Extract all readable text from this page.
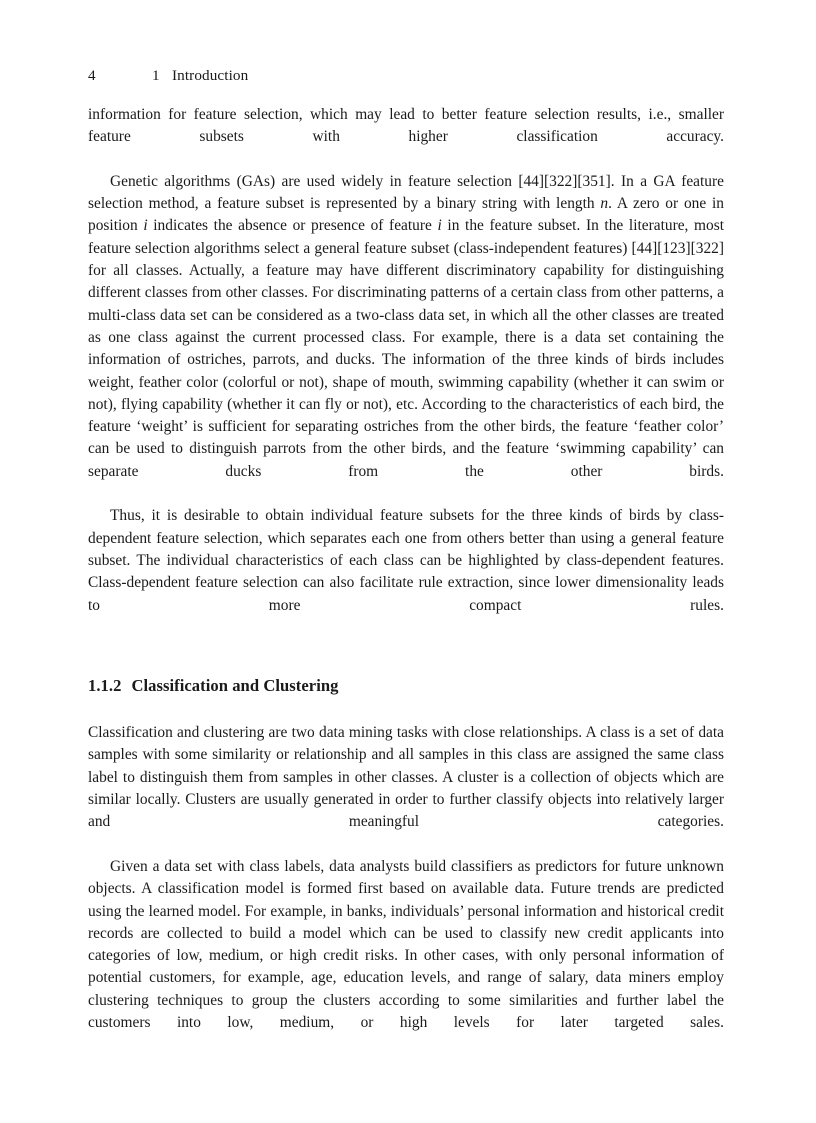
4	1 Introduction

information for feature selection, which may lead to better feature selection results, i.e., smaller feature subsets with higher classification accuracy.

Genetic algorithms (GAs) are used widely in feature selection [44][322][351]. In a GA feature selection method, a feature subset is represented by a binary string with length n. A zero or one in position i indicates the absence or presence of feature i in the feature subset. In the literature, most feature selection algorithms select a general feature subset (class-independent features) [44][123][322] for all classes. Actually, a feature may have different discriminatory capability for distinguishing different classes from other classes. For discriminating patterns of a certain class from other patterns, a multi-class data set can be considered as a two-class data set, in which all the other classes are treated as one class against the current processed class. For example, there is a data set containing the information of ostriches, parrots, and ducks. The information of the three kinds of birds includes weight, feather color (colorful or not), shape of mouth, swimming capability (whether it can swim or not), flying capability (whether it can fly or not), etc. According to the characteristics of each bird, the feature ‘weight’ is sufficient for separating ostriches from the other birds, the feature ‘feather color’ can be used to distinguish parrots from the other birds, and the feature ‘swimming capability’ can separate ducks from the other birds.

Thus, it is desirable to obtain individual feature subsets for the three kinds of birds by class-dependent feature selection, which separates each one from others better than using a general feature subset. The individual characteristics of each class can be highlighted by class-dependent features. Class-dependent feature selection can also facilitate rule extraction, since lower dimensionality leads to more compact rules.

1.1.2 Classification and Clustering

Classification and clustering are two data mining tasks with close relationships. A class is a set of data samples with some similarity or relationship and all samples in this class are assigned the same class label to distinguish them from samples in other classes. A cluster is a collection of objects which are similar locally. Clusters are usually generated in order to further classify objects into relatively larger and meaningful categories.

Given a data set with class labels, data analysts build classifiers as predictors for future unknown objects. A classification model is formed first based on available data. Future trends are predicted using the learned model. For example, in banks, individuals’ personal information and historical credit records are collected to build a model which can be used to classify new credit applicants into categories of low, medium, or high credit risks. In other cases, with only personal information of potential customers, for example, age, education levels, and range of salary, data miners employ clustering techniques to group the clusters according to some similarities and further label the customers into low, medium, or high levels for later targeted sales.
